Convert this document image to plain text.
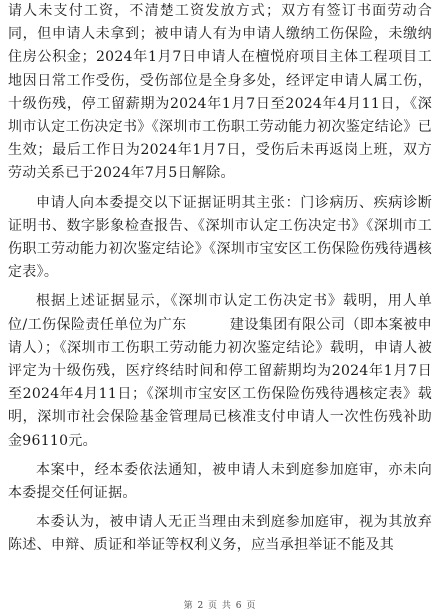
请人未支付工资，不清楚工资发放方式；双方有签订书面劳动合同，但申请人未拿到；被申请人有为申请人缴纳工伤保险，未缴纳住房公积金；2024年1月7日申请人在檀悦府项目主体工程项目工地因日常工作受伤，受伤部位是全身多处，经评定申请人属工伤，十级伤残，停工留薪期为2024年1月7日至2024年4月11日，《深圳市认定工伤决定书》《深圳市工伤职工劳动能力初次鉴定结论》已生效；最后工作日为2024年1月7日，受伤后未再返岗上班，双方劳动关系已于2024年7月5日解除。

申请人向本委提交以下证据证明其主张：门诊病历、疾病诊断证明书、数字影象检查报告、《深圳市认定工伤决定书》《深圳市工伤职工劳动能力初次鉴定结论》《深圳市宝安区工伤保险伤残待遇核定表》。

根据上述证据显示，《深圳市认定工伤决定书》载明，用人单位/工伤保险责任单位为广东　　　建设集团有限公司（即本案被申请人）；《深圳市工伤职工劳动能力初次鉴定结论》载明，申请人被评定为十级伤残，医疗终结时间和停工留薪期均为2024年1月7日至2024年4月11日；《深圳市宝安区工伤保险伤残待遇核定表》载明，深圳市社会保险基金管理局已核准支付申请人一次性伤残补助金96110元。

本案中，经本委依法通知，被申请人未到庭参加庭审，亦未向本委提交任何证据。

本委认为，被申请人无正当理由未到庭参加庭审，视为其放弃陈述、申辩、质证和举证等权利义务，应当承担举证不能及其

第 2 页 共 6 页
